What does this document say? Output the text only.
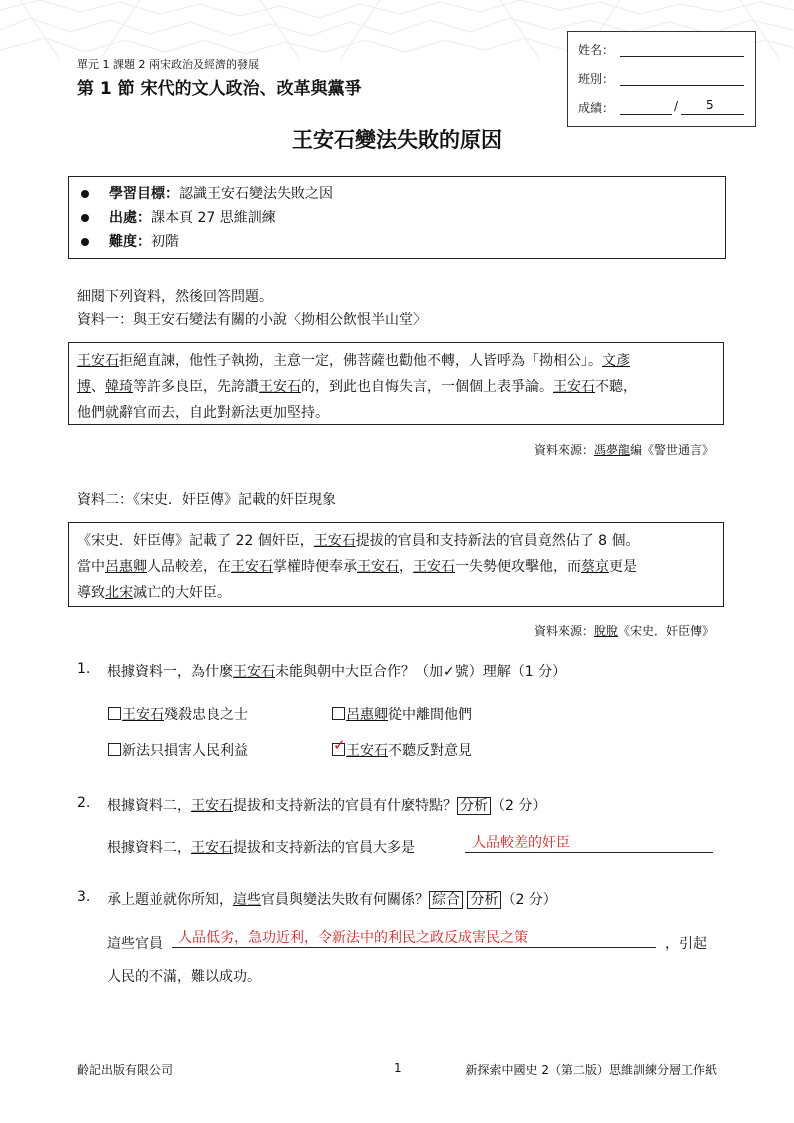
單元 1 課題 2 兩宋政治及經濟的發展
第 1 節 宋代的文人政治、改革與黨爭
姓名：
班別：
成績：	/ 5
王安石變法失敗的原因
學習目標：認識王安石變法失敗之因
出處：課本頁 27 思維訓練
難度：初階
細閱下列資料，然後回答問題。
資料一：與王安石變法有關的小說〈拗相公飲恨半山堂〉
王安石拒絕直諫，他性子執拗，主意一定，佛菩薩也勸他不轉，人皆呼為「拗相公」。文彥
博、韓琦等許多良臣，先誇讚王安石的，到此也自悔失言，一個個上表爭論。王安石不聽，
他們就辭官而去，自此對新法更加堅持。
資料來源：馮夢龍編《警世通言》
資料二：《宋史．奸臣傳》記載的奸臣現象
《宋史．奸臣傳》記載了 22 個奸臣，王安石提拔的官員和支持新法的官員竟然佔了 8 個。
當中呂惠卿人品較差，在王安石掌權時便奉承王安石，王安石一失勢便攻擊他，而蔡京更是
導致北宋滅亡的大奸臣。
資料來源：脫脫《宋史．奸臣傳》
1. 根據資料一，為什麼王安石未能與朝中大臣合作？（加✓號）理解（1 分）
王安石殘殺忠良之士	呂惠卿從中離間他們
新法只損害人民利益	✓ 王安石不聽反對意見
2. 根據資料二，王安石提拔和支持新法的官員有什麼特點？ 分析 （2 分）
根據資料二，王安石提拔和支持新法的官員大多是	人品較差的奸臣
3. 承上題並就你所知，這些官員與變法失敗有何關係？ 綜合 分析 （2 分）
這些官員 人品低劣，急功近利，令新法中的利民之政反成害民之策	，引起
人民的不滿，難以成功。
齡記出版有限公司	1	新探索中國史 2（第二版）思維訓練分層工作紙
